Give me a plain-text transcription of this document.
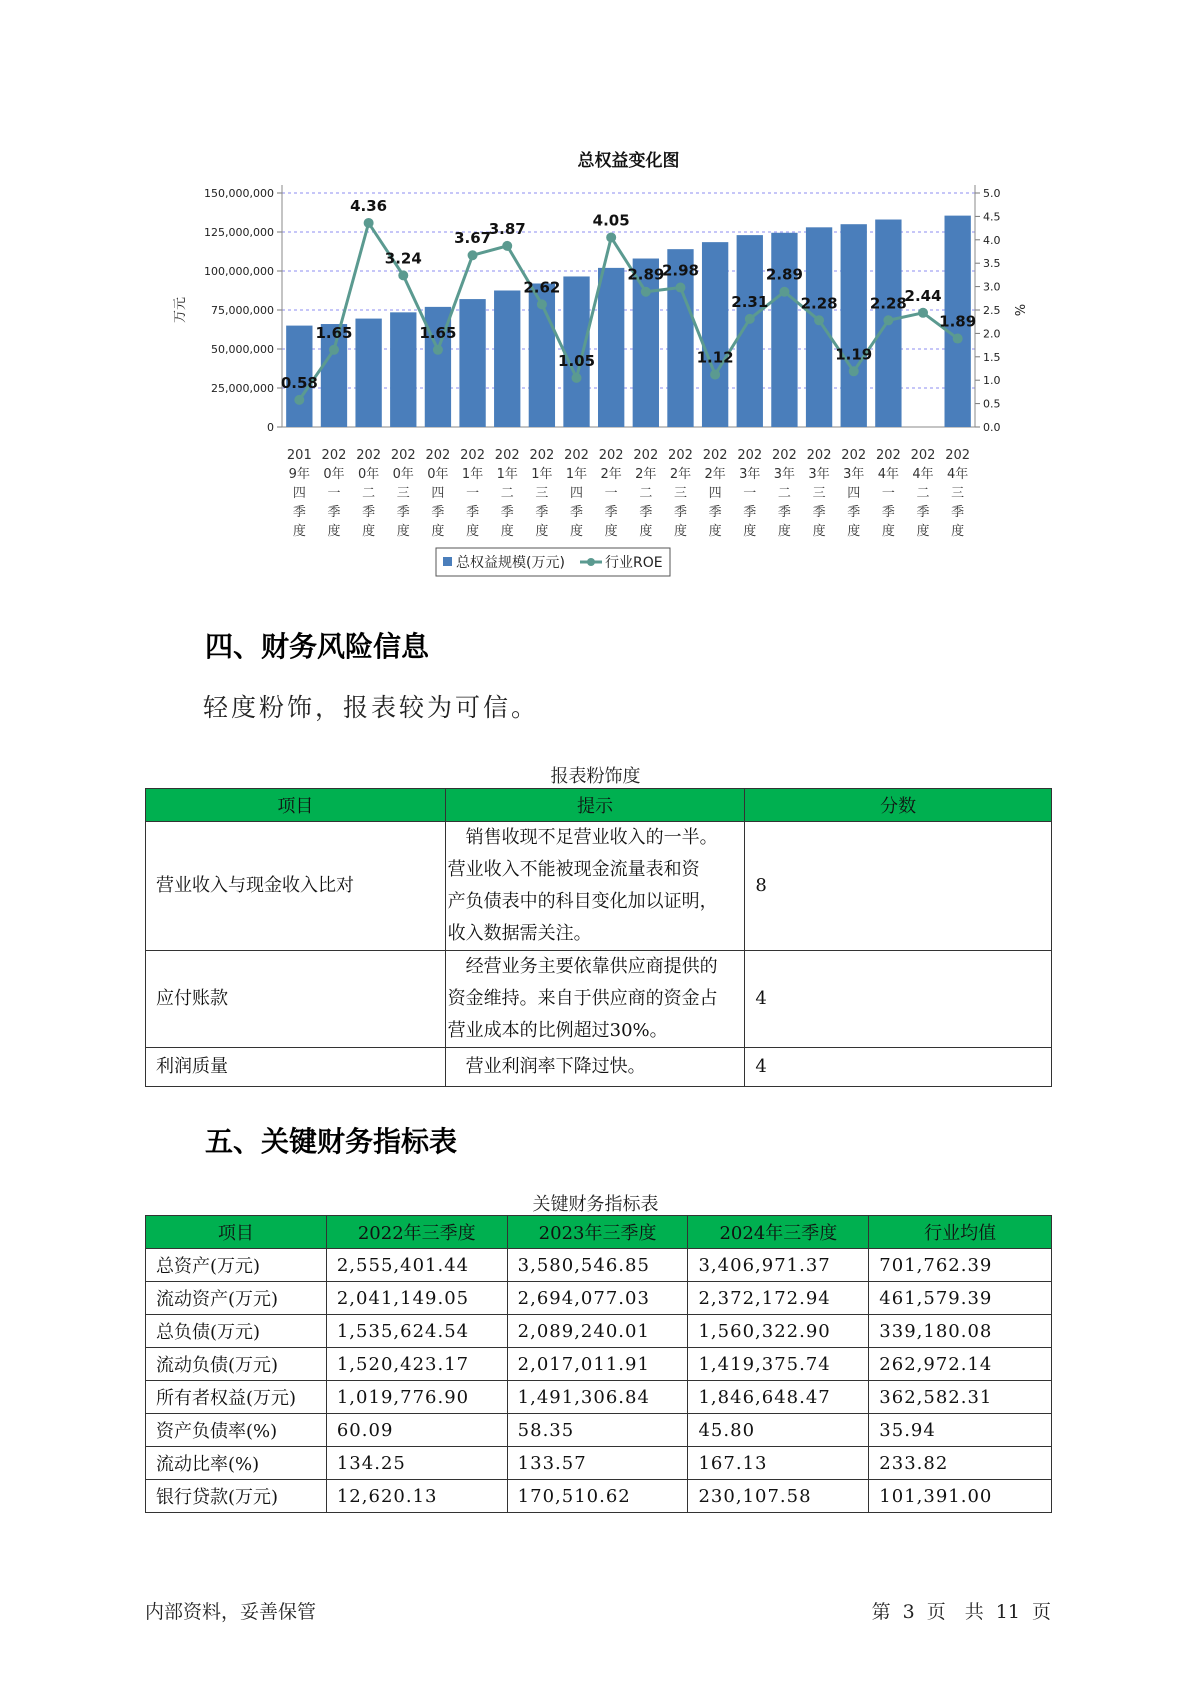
总权益变化图
0
25,000,000
50,000,000
75,000,000
100,000,000
125,000,000
150,000,000
0.0
0.5
1.0
1.5
2.0
2.5
3.0
3.5
4.0
4.5
5.0
万元	%
0.58
1.65
4.36
3.24
1.65
3.67
3.87
2.62
1.05
4.05
2.89
2.98
1.12
2.31
2.89
2.28
1.19
2.28
2.44
1.89
201 9年四季度
202 0年一季度
202 0年二季度
202 0年三季度
202 0年四季度
202 1年一季度
202 1年二季度
202 1年三季度
202 1年四季度
202 2年一季度
202 2年二季度
202 2年三季度
202 2年四季度
202 3年一季度
202 3年二季度
202 3年三季度
202 3年四季度
202 4年一季度
202 4年二季度
202 4年三季度
总权益规模(万元)	行业ROE
四、财务风险信息
轻度粉饰，报表较为可信。
报表粉饰度
项目	提示	分数
营业收入与现金收入比对	　销售收现不足营业收入的一半。
营业收入不能被现金流量表和资
产负债表中的科目变化加以证明，
收入数据需关注。	8
应付账款	　经营业务主要依靠供应商提供的
资金维持。来自于供应商的资金占
营业成本的比例超过30%。	4
利润质量	　营业利润率下降过快。	4
五、关键财务指标表
关键财务指标表
项目	2022年三季度	2023年三季度	2024年三季度	行业均值
总资产(万元)	2,555,401.44	3,580,546.85	3,406,971.37	701,762.39
流动资产(万元)	2,041,149.05	2,694,077.03	2,372,172.94	461,579.39
总负债(万元)	1,535,624.54	2,089,240.01	1,560,322.90	339,180.08
流动负债(万元)	1,520,423.17	2,017,011.91	1,419,375.74	262,972.14
所有者权益(万元)	1,019,776.90	1,491,306.84	1,846,648.47	362,582.31
资产负债率(%)	60.09	58.35	45.80	35.94
流动比率(%)	134.25	133.57	167.13	233.82
银行贷款(万元)	12,620.13	170,510.62	230,107.58	101,391.00
内部资料，妥善保管	第 3 页　共 11 页
